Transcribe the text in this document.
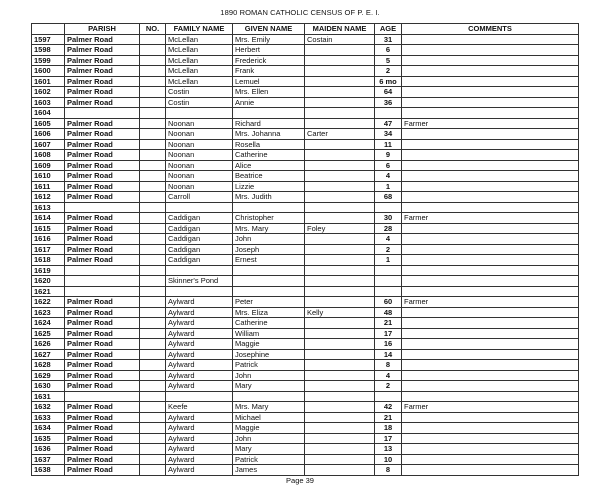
1890 ROMAN CATHOLIC CENSUS OF P. E. I.
	PARISH	NO.	FAMILY NAME	GIVEN NAME	MAIDEN NAME	AGE	COMMENTS
1597	Palmer Road		McLellan	Mrs. Emily	Costain	31	
1598	Palmer Road		McLellan	Herbert		6	
1599	Palmer Road		McLellan	Frederick		5	
1600	Palmer Road		McLellan	Frank		2	
1601	Palmer Road		McLellan	Lemuel		6 mo	
1602	Palmer Road		Costin	Mrs. Ellen		64	
1603	Palmer Road		Costin	Annie		36	
1604							
1605	Palmer Road		Noonan	Richard		47	Farmer
1606	Palmer Road		Noonan	Mrs. Johanna	Carter	34	
1607	Palmer Road		Noonan	Rosella		11	
1608	Palmer Road		Noonan	Catherine		9	
1609	Palmer Road		Noonan	Alice		6	
1610	Palmer Road		Noonan	Beatrice		4	
1611	Palmer Road		Noonan	Lizzie		1	
1612	Palmer Road		Carroll	Mrs. Judith		68	
1613							
1614	Palmer Road		Caddigan	Christopher		30	Farmer
1615	Palmer Road		Caddigan	Mrs. Mary	Foley	28	
1616	Palmer Road		Caddigan	John		4	
1617	Palmer Road		Caddigan	Joseph		2	
1618	Palmer Road		Caddigan	Ernest		1	
1619							
1620			Skinner's Pond				
1621							
1622	Palmer Road		Aylward	Peter		60	Farmer
1623	Palmer Road		Aylward	Mrs. Eliza	Kelly	48	
1624	Palmer Road		Aylward	Catherine		21	
1625	Palmer Road		Aylward	William		17	
1626	Palmer Road		Aylward	Maggie		16	
1627	Palmer Road		Aylward	Josephine		14	
1628	Palmer Road		Aylward	Patrick		8	
1629	Palmer Road		Aylward	John		4	
1630	Palmer Road		Aylward	Mary		2	
1631							
1632	Palmer Road		Keefe	Mrs. Mary		42	Farmer
1633	Palmer Road		Aylward	Michael		21	
1634	Palmer Road		Aylward	Maggie		18	
1635	Palmer Road		Aylward	John		17	
1636	Palmer Road		Aylward	Mary		13	
1637	Palmer Road		Aylward	Patrick		10	
1638	Palmer Road		Aylward	James		8	
Page 39
